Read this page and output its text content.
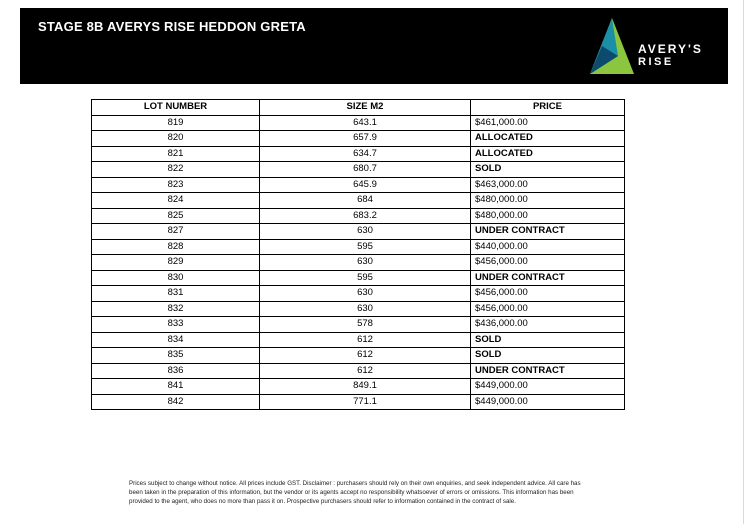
STAGE 8B AVERYS RISE HEDDON GRETA
AVERY'S
RISE
LOT NUMBER	SIZE M2	PRICE
819	643.1	$461,000.00
820	657.9	ALLOCATED
821	634.7	ALLOCATED
822	680.7	SOLD
823	645.9	$463,000.00
824	684	$480,000.00
825	683.2	$480,000.00
827	630	UNDER CONTRACT
828	595	$440,000.00
829	630	$456,000.00
830	595	UNDER CONTRACT
831	630	$456,000.00
832	630	$456,000.00
833	578	$436,000.00
834	612	SOLD
835	612	SOLD
836	612	UNDER CONTRACT
841	849.1	$449,000.00
842	771.1	$449,000.00
Prices subject to change without notice. All prices include GST. Disclaimer : purchasers should rely on their own enquiries, and seek independent advice. All care has been taken in the preparation of this information, but the vendor or its agents accept no responsibility whatsoever of errors or omissions. This information has been provided to the agent, who does no more than pass it on. Prospective purchasers should refer to information contained in the contract of sale.
